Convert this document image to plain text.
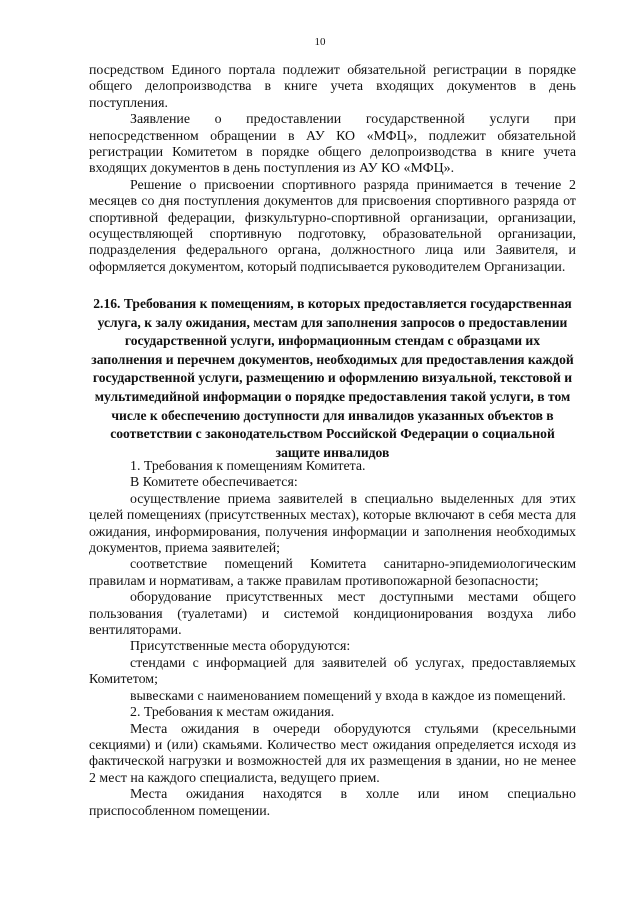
10

посредством Единого портала подлежит обязательной регистрации в порядке общего делопроизводства в книге учета входящих документов в день поступления.

Заявление о предоставлении государственной услуги при непосредственном обращении в АУ КО «МФЦ», подлежит обязательной регистрации Комитетом в порядке общего делопроизводства в книге учета входящих документов в день поступления из АУ КО «МФЦ».

Решение о присвоении спортивного разряда принимается в течение 2 месяцев со дня поступления документов для присвоения спортивного разряда от спортивной федерации, физкультурно-спортивной организации, организации, осуществляющей спортивную подготовку, образовательной организации, подразделения федерального органа, должностного лица или Заявителя, и оформляется документом, который подписывается руководителем Организации.

2.16. Требования к помещениям, в которых предоставляется государственная услуга, к залу ожидания, местам для заполнения запросов о предоставлении государственной услуги, информационным стендам с образцами их заполнения и перечнем документов, необходимых для предоставления каждой государственной услуги, размещению и оформлению визуальной, текстовой и мультимедийной информации о порядке предоставления такой услуги, в том числе к обеспечению доступности для инвалидов указанных объектов в соответствии с законодательством Российской Федерации о социальной защите инвалидов

1. Требования к помещениям Комитета.

В Комитете обеспечивается:

осуществление приема заявителей в специально выделенных для этих целей помещениях (присутственных местах), которые включают в себя места для ожидания, информирования, получения информации и заполнения необходимых документов, приема заявителей;

соответствие помещений Комитета санитарно-эпидемиологическим правилам и нормативам, а также правилам противопожарной безопасности;

оборудование присутственных мест доступными местами общего пользования (туалетами) и системой кондиционирования воздуха либо вентиляторами.

Присутственные места оборудуются:

стендами с информацией для заявителей об услугах, предоставляемых Комитетом;

вывесками с наименованием помещений у входа в каждое из помещений.

2. Требования к местам ожидания.

Места ожидания в очереди оборудуются стульями (кресельными секциями) и (или) скамьями. Количество мест ожидания определяется исходя из фактической нагрузки и возможностей для их размещения в здании, но не менее 2 мест на каждого специалиста, ведущего прием.

Места ожидания находятся в холле или ином специально приспособленном помещении.
